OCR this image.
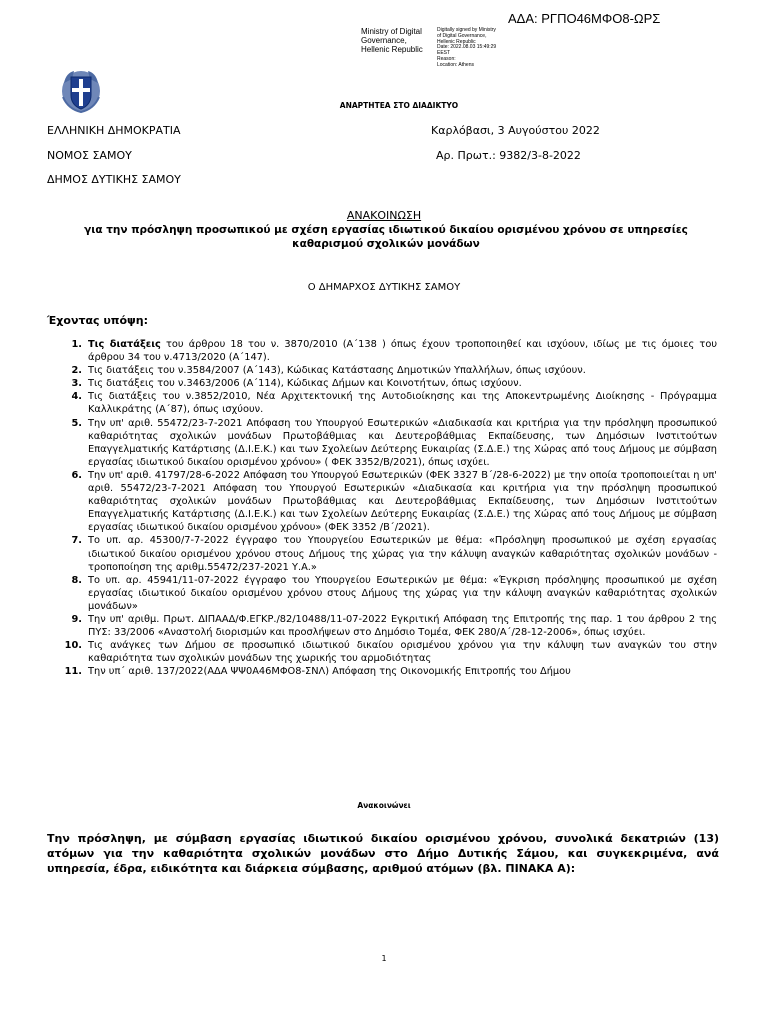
ΑΔΑ: ΡΓΠΟ46ΜΦΟ8-ΩΡΣ
Ministry of Digital Governance, Hellenic Republic
Digitally signed by Ministry
of Digital Governance,
Hellenic Republic
Date: 2022.08.03 15:49:29
EEST
Reason:
Location: Athens
ΑΝΑΡΤΗΤΕΑ ΣΤΟ ΔΙΑΔΙΚΤΥΟ
ΕΛΛΗΝΙΚΗ ΔΗΜΟΚΡΑΤΙΑ
ΝΟΜΟΣ ΣΑΜΟΥ
ΔΗΜΟΣ ΔΥΤΙΚΗΣ ΣΑΜΟΥ
Καρλόβασι, 3 Αυγούστου 2022
Αρ. Πρωτ.: 9382/3-8-2022
ΑΝΑΚΟΙΝΩΣΗ
για την πρόσληψη προσωπικού με σχέση εργασίας ιδιωτικού δικαίου ορισμένου χρόνου σε υπηρεσίες καθαρισμού σχολικών μονάδων
Ο ΔΗΜΑΡΧΟΣ ΔΥΤΙΚΗΣ ΣΑΜΟΥ
Έχοντας υπόψη:
1. Τις διατάξεις του άρθρου 18 του ν. 3870/2010 (Α΄138 ) όπως έχουν τροποποιηθεί και ισχύουν, ιδίως με τις όμοιες του άρθρου 34 του ν.4713/2020 (Α΄147).
2. Τις διατάξεις του ν.3584/2007 (Α΄143), Κώδικας Κατάστασης Δημοτικών Υπαλλήλων, όπως ισχύουν.
3. Τις διατάξεις του ν.3463/2006 (Α΄114), Κώδικας Δήμων και Κοινοτήτων, όπως ισχύουν.
4. Τις διατάξεις του ν.3852/2010, Νέα Αρχιτεκτονική της Αυτοδιοίκησης και της Αποκεντρωμένης Διοίκησης - Πρόγραμμα Καλλικράτης (Α΄87), όπως ισχύουν.
5. Την υπ' αριθ. 55472/23-7-2021 Απόφαση του Υπουργού Εσωτερικών «Διαδικασία και κριτήρια για την πρόσληψη προσωπικού καθαριότητας σχολικών μονάδων Πρωτοβάθμιας και Δευτεροβάθμιας Εκπαίδευσης, των Δημόσιων Ινστιτούτων Επαγγελματικής Κατάρτισης (Δ.Ι.Ε.Κ.) και των Σχολείων Δεύτερης Ευκαιρίας (Σ.Δ.Ε.) της Χώρας από τους Δήμους με σύμβαση εργασίας ιδιωτικού δικαίου ορισμένου χρόνου» ( ΦΕΚ 3352/Β/2021), όπως ισχύει.
6. Την υπ' αριθ. 41797/28-6-2022 Απόφαση του Υπουργού Εσωτερικών (ΦΕΚ 3327 Β΄/28-6-2022) με την οποία τροποποιείται η υπ' αριθ. 55472/23-7-2021 Απόφαση του Υπουργού Εσωτερικών «Διαδικασία και κριτήρια για την πρόσληψη προσωπικού καθαριότητας σχολικών μονάδων Πρωτοβάθμιας και Δευτεροβάθμιας Εκπαίδευσης, των Δημόσιων Ινστιτούτων Επαγγελματικής Κατάρτισης (Δ.Ι.Ε.Κ.) και των Σχολείων Δεύτερης Ευκαιρίας (Σ.Δ.Ε.) της Χώρας από τους Δήμους με σύμβαση εργασίας ιδιωτικού δικαίου ορισμένου χρόνου» (ΦΕΚ 3352 /Β΄/2021).
7. Το υπ. αρ. 45300/7-7-2022 έγγραφο του Υπουργείου Εσωτερικών με θέμα: «Πρόσληψη προσωπικού με σχέση εργασίας ιδιωτικού δικαίου ορισμένου χρόνου στους Δήμους της χώρας για την κάλυψη αναγκών καθαριότητας σχολικών μονάδων - τροποποίηση της αριθμ.55472/237-2021 Υ.Α.»
8. Το υπ. αρ. 45941/11-07-2022 έγγραφο του Υπουργείου Εσωτερικών με θέμα: «Έγκριση πρόσληψης προσωπικού με σχέση εργασίας ιδιωτικού δικαίου ορισμένου χρόνου στους Δήμους της χώρας για την κάλυψη αναγκών καθαριότητας σχολικών μονάδων»
9. Την υπ' αριθμ. Πρωτ. ΔΙΠΑΑΔ/Φ.ΕΓΚΡ./82/10488/11-07-2022 Εγκριτική Απόφαση της Επιτροπής της παρ. 1 του άρθρου 2 της ΠΥΣ: 33/2006 «Αναστολή διορισμών και προσλήψεων στο Δημόσιο Τομέα, ΦΕΚ 280/Α΄/28-12-2006», όπως ισχύει.
10. Τις ανάγκες των Δήμου σε προσωπικό ιδιωτικού δικαίου ορισμένου χρόνου για την κάλυψη των αναγκών του στην καθαριότητα των σχολικών μονάδων της χωρικής του αρμοδιότητας
11. Την υπ΄ αριθ. 137/2022(ΑΔΑ ΨΨ0Α46ΜΦΟ8-ΣΝΛ) Απόφαση της Οικονομικής Επιτροπής του Δήμου
Ανακοινώνει
Την πρόσληψη, με σύμβαση εργασίας ιδιωτικού δικαίου ορισμένου χρόνου, συνολικά δεκατριών (13) ατόμων για την καθαριότητα σχολικών μονάδων στο Δήμο Δυτικής Σάμου, και συγκεκριμένα, ανά υπηρεσία, έδρα, ειδικότητα και διάρκεια σύμβασης, αριθμού ατόμων (βλ. ΠΙΝΑΚΑ Α):
1
